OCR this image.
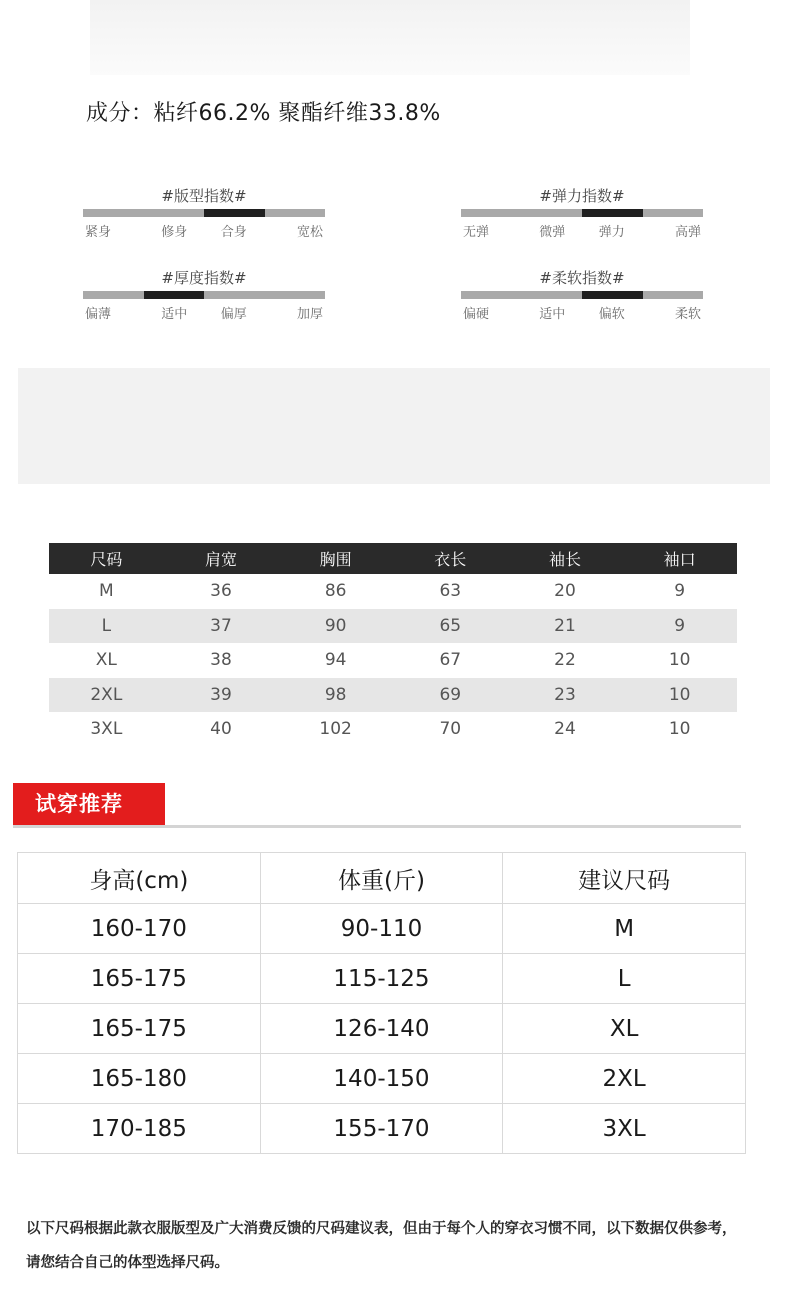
成分：粘纤66.2% 聚酯纤维33.8%
#版型指数#
紧身	修身	合身	宽松
#弹力指数#
无弹	微弹	弹力	高弹
#厚度指数#
偏薄	适中	偏厚	加厚
#柔软指数#
偏硬	适中	偏软	柔软
尺码	肩宽	胸围	衣长	袖长	袖口
M	36	86	63	20	9
L	37	90	65	21	9
XL	38	94	67	22	10
2XL	39	98	69	23	10
3XL	40	102	70	24	10
试穿推荐
身高(cm)	体重(斤)	建议尺码
160-170	90-110	M
165-175	115-125	L
165-175	126-140	XL
165-180	140-150	2XL
170-185	155-170	3XL
以下尺码根据此款衣服版型及广大消费反馈的尺码建议表，但由于每个人的穿衣习惯不同，以下数据仅供参考，请您结合自己的体型选择尺码。
